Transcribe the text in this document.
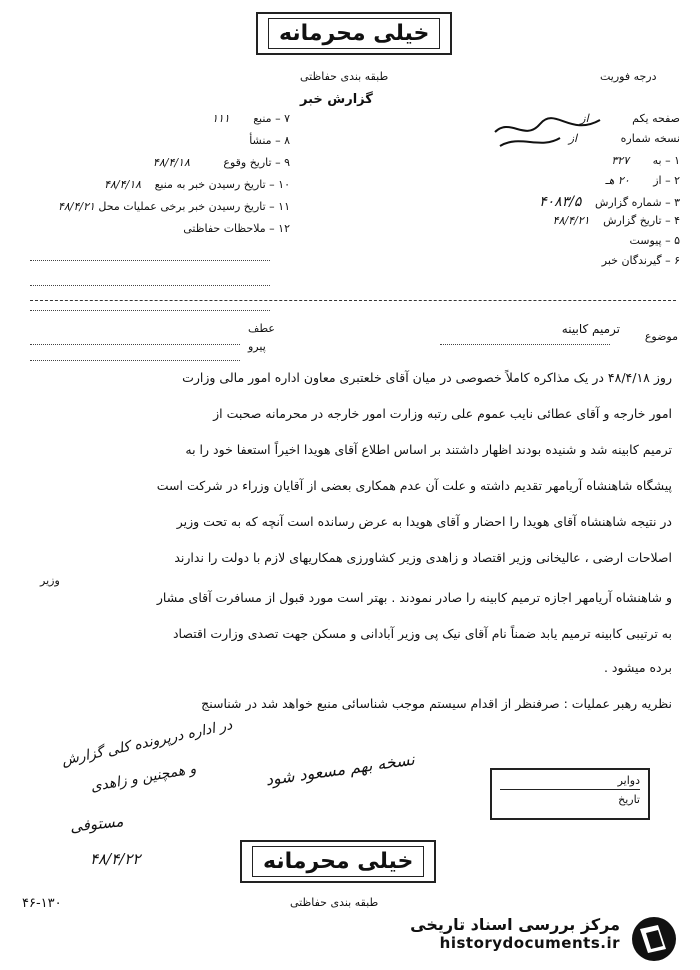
خیلی محرمانه
طبقه بندی حفاظتی	درجه فوریت
گزارش خبر
۷ – منبع ۱۱۱
۸ – منشأ
۹ – تاریخ وقوع ۴۸/۴/۱۸
۱۰ – تاریخ رسیدن خبر به منبع ۴۸/۴/۱۸
۱۱ – تاریخ رسیدن خبر برخی عملیات محل ۴۸/۴/۲۱
۱۲ – ملاحظات حفاظتی
صفحه یکم از
نسخه شماره از
۱ – به ۳۲۷
۲ – از ۲۰ هـ
۳ – شماره گزارش ۴۰۸۳/۵
۴ – تاریخ گزارش ۴۸/۴/۲۱
۵ – پیوست
۶ – گیرندگان خبر
موضوع
ترمیم کابینه
عطف
پیرو
روز ۴۸/۴/۱۸ در یک مذاکره کاملاً خصوصی در میان آقای خلعتبری معاون اداره امور مالی وزارت
امور خارجه و آقای عطائی نایب عموم علی رتبه وزارت امور خارجه در محرمانه صحبت از
ترمیم کابینه شد و شنیده بودند اظهار داشتند بر اساس اطلاع آقای هویدا اخیراً استعفا خود را به
پیشگاه شاهنشاه آریامهر تقدیم داشته و علت آن عدم همکاری بعضی از آقایان وزراء در شرکت است
در نتیجه شاهنشاه آقای هویدا را احضار و آقای هویدا به عرض رسانده است آنچه که به تحت وزیر
اصلاحات ارضی ، عالیخانی وزیر اقتصاد و زاهدی وزیر کشاورزی همکاریهای لازم با دولت را ندارند
وزیر
و شاهنشاه آریامهر اجازه ترمیم کابینه را صادر نمودند . بهتر است مورد قبول از مسافرت آقای مشار
به ترتیبی کابینه ترمیم یابد ضمناً نام آقای نیک پی وزیر آبادانی و مسکن جهت تصدی وزارت اقتصاد
برده میشود .
نظریه رهبر عملیات : صرفنظر از اقدام سیستم موجب شناسائی منبع خواهد شد در شناسنج
در اداره درپرونده کلی گزارش
و همچنین و زاهدی
مستوفی
۴۸/۴/۲۲
نسخه بهم مسعود شود	دوایر
تاریخ
خیلی محرمانه
طبقه بندی حفاظتی
۴۶-۱۳۰
مرکز بررسی اسناد تاریخی
historydocuments.ir
